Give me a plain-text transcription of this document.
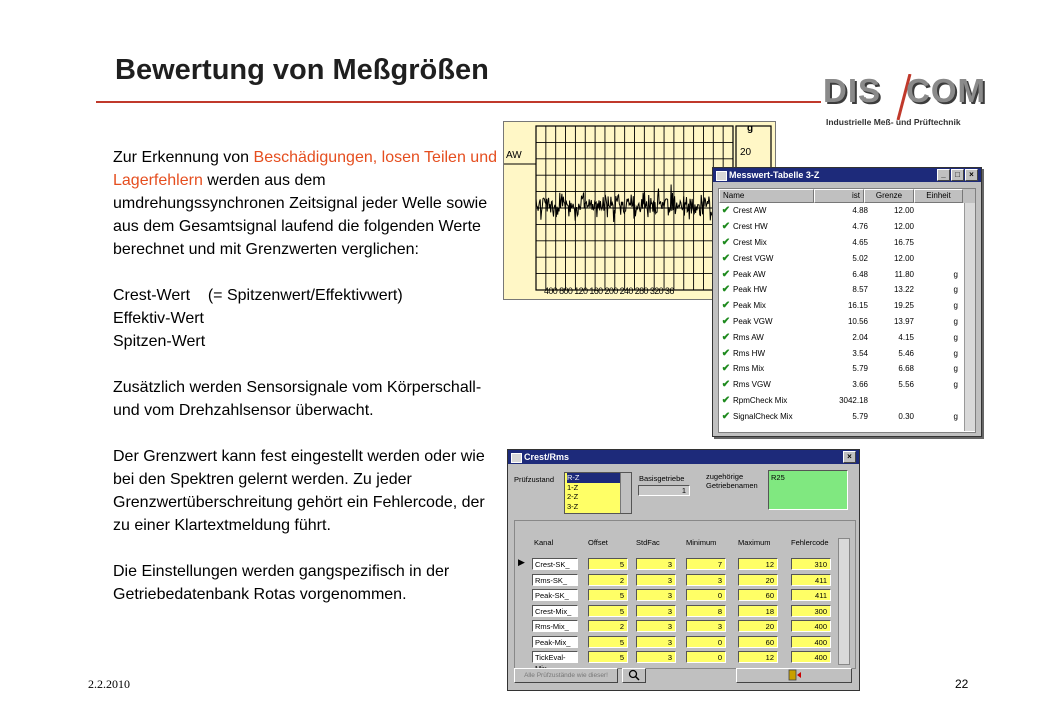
Bewertung von Meßgrößen
DIS COM
Industrielle Meß- und Prüftechnik

Zur Erkennung von Beschädigungen, losen Teilen und Lagerfehlern werden aus dem umdrehungssynchronen Zeitsignal jeder Welle sowie aus dem Gesamtsignal laufend die folgenden Werte berechnet und mit Grenzwerten verglichen:

Crest-Wert    (= Spitzenwert/Effektivwert)
Effektiv-Wert
Spitzen-Wert

Zusätzlich werden Sensorsignale vom Körperschall- und vom Drehzahlsensor überwacht.

Der Grenzwert kann fest eingestellt werden oder wie bei den Spektren gelernt werden. Zu jeder Grenzwertüberschreitung gehört ein Fehlercode, der zu einer Klartextmeldung führt.

Die Einstellungen werden gangspezifisch in der Getriebedatenbank Rotas vorgenommen.

AW
g
20
400 800 120 160 200 240 280 320 36
Messwert-Tabelle 3-Z	_	□	×
Name	ist	Grenze	Einheit
✔ Crest AW	4.88	12.00
✔ Crest HW	4.76	12.00
✔ Crest Mix	4.65	16.75
✔ Crest VGW	5.02	12.00
✔ Peak AW	6.48	11.80	g
✔ Peak HW	8.57	13.22	g
✔ Peak Mix	16.15	19.25	g
✔ Peak VGW	10.56	13.97	g
✔ Rms AW	2.04	4.15	g
✔ Rms HW	3.54	5.46	g
✔ Rms Mix	5.79	6.68	g
✔ Rms VGW	3.66	5.56	g
✔ RpmCheck Mix	3042.18
✔ SignalCheck Mix	5.79	0.30	g
Crest/Rms	×
Prüfzustand R-Z
1-Z
2-Z
3-Z
Basisgetriebe
1
zugehörige Getriebenamen
R25
Kanal	Offset	StdFac	Minimum	Maximum	Fehlercode
▶	Crest-SK_	5	3	7	12	310
Rms-SK_	2	3	3	20	411
Peak-SK_	5	3	0	60	411
Crest-Mix_	5	3	8	18	300
Rms-Mix_	2	3	3	20	400
Peak-Mix_	5	3	0	60	400
TickEval-	5	3	0	12	400
Alle Prüfzustände wie dieser!
2.2.2010	22
